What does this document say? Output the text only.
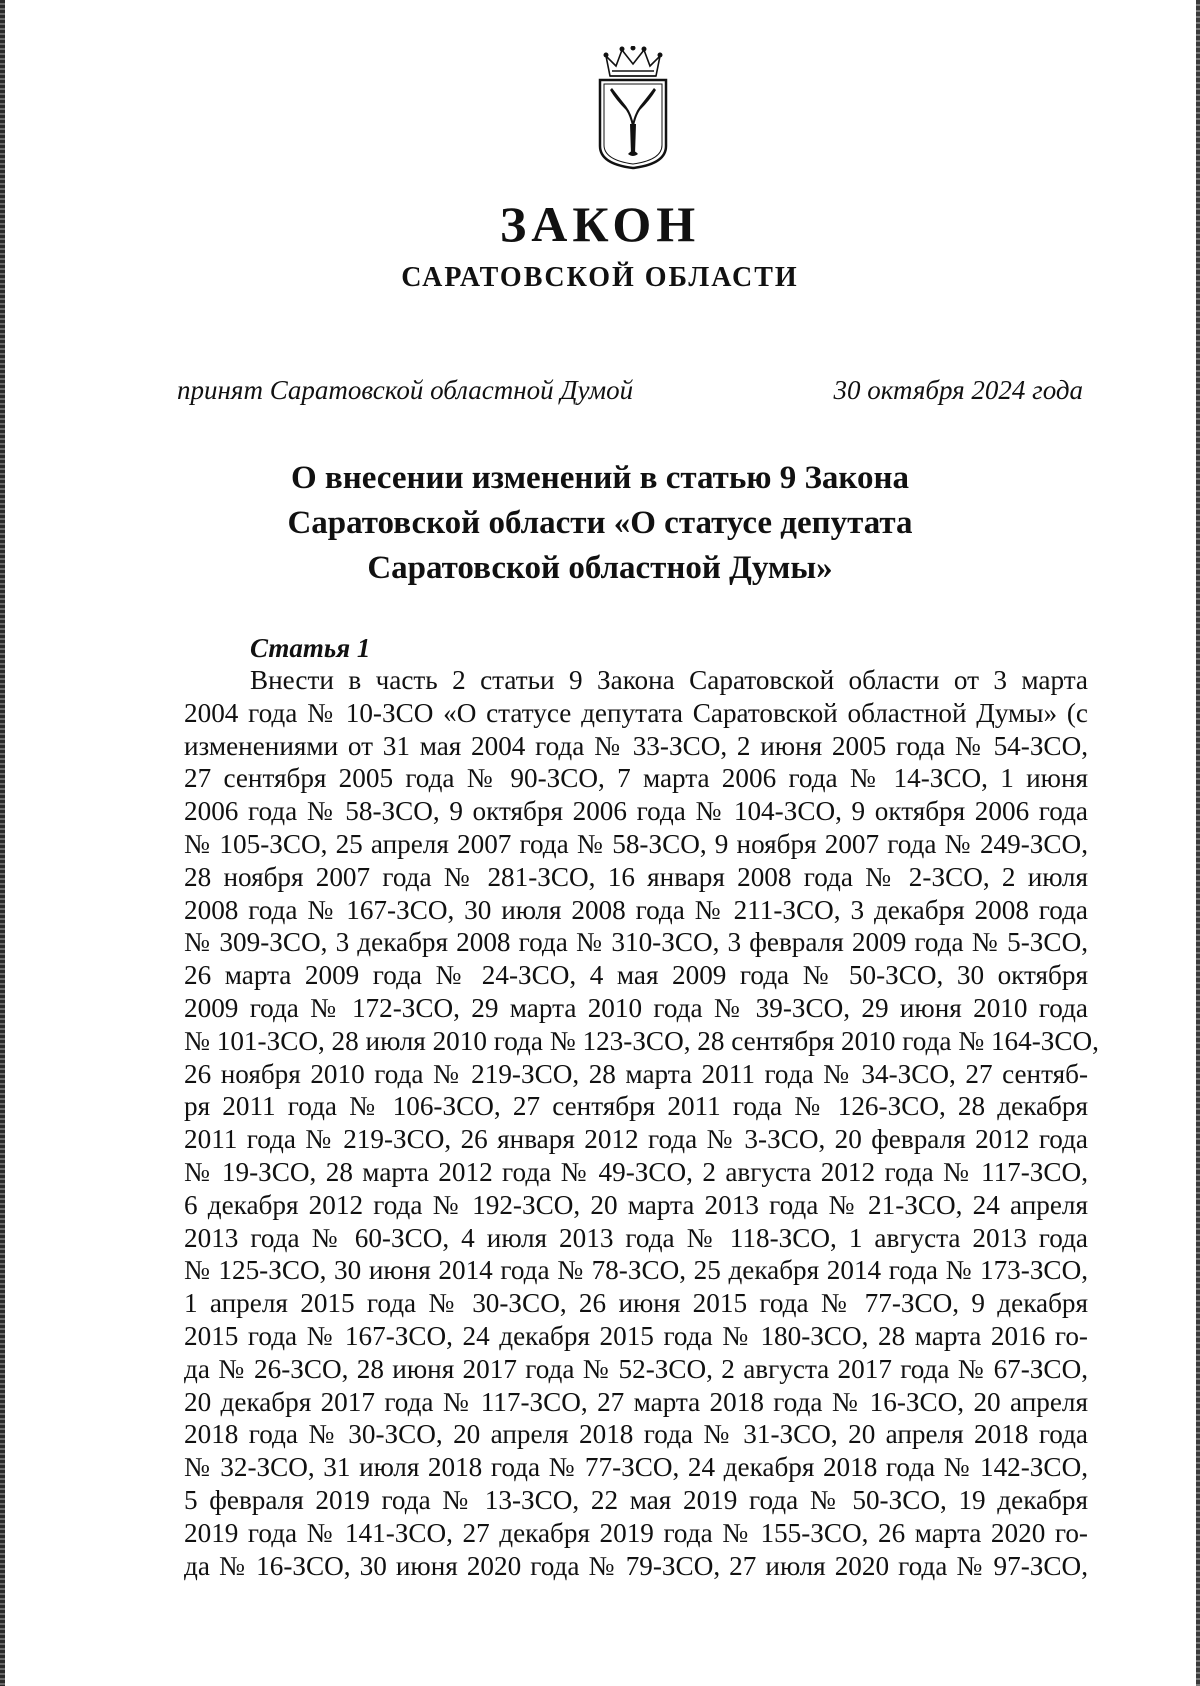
ЗАКОН
САРАТОВСКОЙ ОБЛАСТИ
принят Саратовской областной Думой	30 октября 2024 года
О внесении изменений в статью 9 Закона
Саратовской области «О статусе депутата
Саратовской областной Думы»
Статья 1
Внести в часть 2 статьи 9 Закона Саратовской области от 3 марта
2004 года № 10-ЗСО «О статусе депутата Саратовской областной Думы» (с
изменениями от 31 мая 2004 года № 33-ЗСО, 2 июня 2005 года № 54-ЗСО,
27 сентября 2005 года № 90-ЗСО, 7 марта 2006 года № 14-ЗСО, 1 июня
2006 года № 58-ЗСО, 9 октября 2006 года № 104-ЗСО, 9 октября 2006 года
№ 105-ЗСО, 25 апреля 2007 года № 58-ЗСО, 9 ноября 2007 года № 249-ЗСО,
28 ноября 2007 года № 281-ЗСО, 16 января 2008 года № 2-ЗСО, 2 июля
2008 года № 167-ЗСО, 30 июля 2008 года № 211-ЗСО, 3 декабря 2008 года
№ 309-ЗСО, 3 декабря 2008 года № 310-ЗСО, 3 февраля 2009 года № 5-ЗСО,
26 марта 2009 года № 24-ЗСО, 4 мая 2009 года № 50-ЗСО, 30 октября
2009 года № 172-ЗСО, 29 марта 2010 года № 39-ЗСО, 29 июня 2010 года
№ 101-ЗСО, 28 июля 2010 года № 123-ЗСО, 28 сентября 2010 года № 164-ЗСО,
26 ноября 2010 года № 219-ЗСО, 28 марта 2011 года № 34-ЗСО, 27 сентяб-
ря 2011 года № 106-ЗСО, 27 сентября 2011 года № 126-ЗСО, 28 декабря
2011 года № 219-ЗСО, 26 января 2012 года № 3-ЗСО, 20 февраля 2012 года
№ 19-ЗСО, 28 марта 2012 года № 49-ЗСО, 2 августа 2012 года № 117-ЗСО,
6 декабря 2012 года № 192-ЗСО, 20 марта 2013 года № 21-ЗСО, 24 апреля
2013 года № 60-ЗСО, 4 июля 2013 года № 118-ЗСО, 1 августа 2013 года
№ 125-ЗСО, 30 июня 2014 года № 78-ЗСО, 25 декабря 2014 года № 173-ЗСО,
1 апреля 2015 года № 30-ЗСО, 26 июня 2015 года № 77-ЗСО, 9 декабря
2015 года № 167-ЗСО, 24 декабря 2015 года № 180-ЗСО, 28 марта 2016 го-
да № 26-ЗСО, 28 июня 2017 года № 52-ЗСО, 2 августа 2017 года № 67-ЗСО,
20 декабря 2017 года № 117-ЗСО, 27 марта 2018 года № 16-ЗСО, 20 апреля
2018 года № 30-ЗСО, 20 апреля 2018 года № 31-ЗСО, 20 апреля 2018 года
№ 32-ЗСО, 31 июля 2018 года № 77-ЗСО, 24 декабря 2018 года № 142-ЗСО,
5 февраля 2019 года № 13-ЗСО, 22 мая 2019 года № 50-ЗСО, 19 декабря
2019 года № 141-ЗСО, 27 декабря 2019 года № 155-ЗСО, 26 марта 2020 го-
да № 16-ЗСО, 30 июня 2020 года № 79-ЗСО, 27 июля 2020 года № 97-ЗСО,
